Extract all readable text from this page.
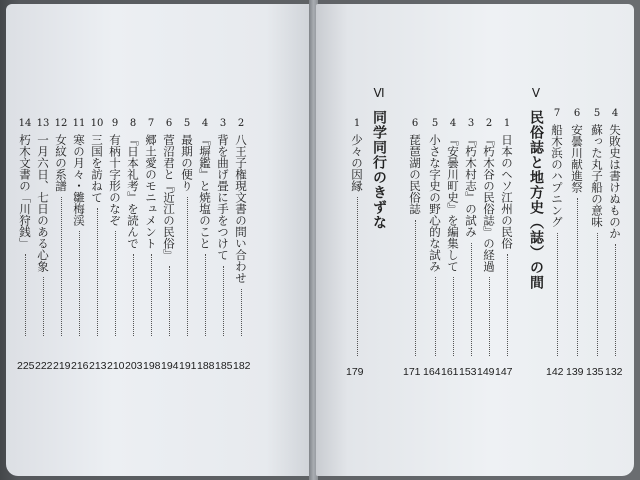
2
八王子権現文書の問い合わせ
3
背を曲げ畳に手をつけて
4
『塀鑑』と焼塩のこと
5
最期の便り
6
菅沼君と『近江の民俗』
7
郷土愛のモニュメント
8
『日本礼考』を読んで
9
有柄十字形のなぞ
10
三国を訪ねて
11
寒の月々・雛梅渓
12
女紋の系譜
13
一月六日、七日のある心象
14
朽木文書の「川狩銭」
182
185
188
191
194
198
203
210
213
216
219
222
225
4
失敗史は書けぬものか
5
蘇った丸子船の意味
6
安曇川献進祭
7
船木浜のハプニング
Ⅴ
民俗誌と地方史（誌）の間
1
日本のヘソ江州の民俗
2
『朽木谷の民俗誌』の経過
3
『朽木村志』の試み
4
『安曇川町史』を編集して
5
小さな字史の野心的な試み
6
琵琶湖の民俗誌
Ⅵ
同学同行のきずな
1
少々の因縁
132
135
139
142
147
149
153
161
164
171
179
